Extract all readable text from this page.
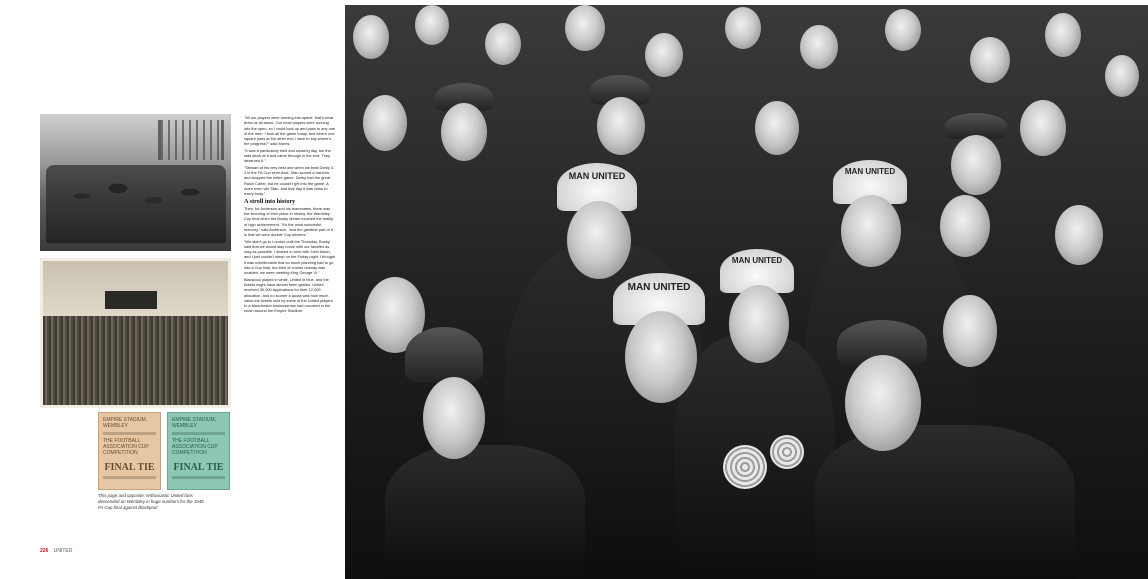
EMPIRE STADIUM, WEMBLEY
THE FOOTBALL ASSOCIATION CUP COMPETITION
FINAL TIE
EMPIRE STADIUM, WEMBLEY
THE FOOTBALL ASSOCIATION CUP COMPETITION
FINAL TIE
This page and opposite: enthusiastic United fans descended on Wembley in huge numbers for the 1948 FA Cup final against Blackpool
226 UNITED

"All our players were running into space, that's what drew us all about. Our most players were running into the open, so I could look up and pass to any one of the men. I took all the game today, and where one square pass at the other end I have to say where's the progress?" said Morris.

"It was a particularly tired and wearing day, but the lads stuck at it and came through in the end. They deserved it."

"Stewart at his very best and when we beat Derby 3-1 in the FA Cup semi-final, Stan scored a hat-trick and stopped the entire game. Derby had the great Raich Carter, but he couldn't get into the game. A more even win Stan, and that day it was close to every body."

A stroll into history

Then, for Anderson and his teammates, there was the securing of their place in history, the Wembley Cup final when the Busby dream touched the reality of high achievement. "It's the most wonderful memory," said Anderson, "and the greatest part of it is that we were double Cup winners."

"We didn't go to London until the Thursday. Busby said that we would stay home with our families as long as possible. I shared a room with John Aston, and I just couldn't sleep on the Friday night. I thought it was unbelievable that so much planning had to go into a Cup final, but then of course nobody was unaided, we were meeting King George VI."

Blackpool played in white, United in blue, and the tickets might have almost been golden. United received 30,000 applications for their 12,000 allocation, and no sooner a quota was how much value the tickets sold by some of the United players to a Manchester businessman had occurred in the crush around the Empire Stadium.

MAN UNITED	MAN UNITED
MAN UNITED
MAN UNITED
